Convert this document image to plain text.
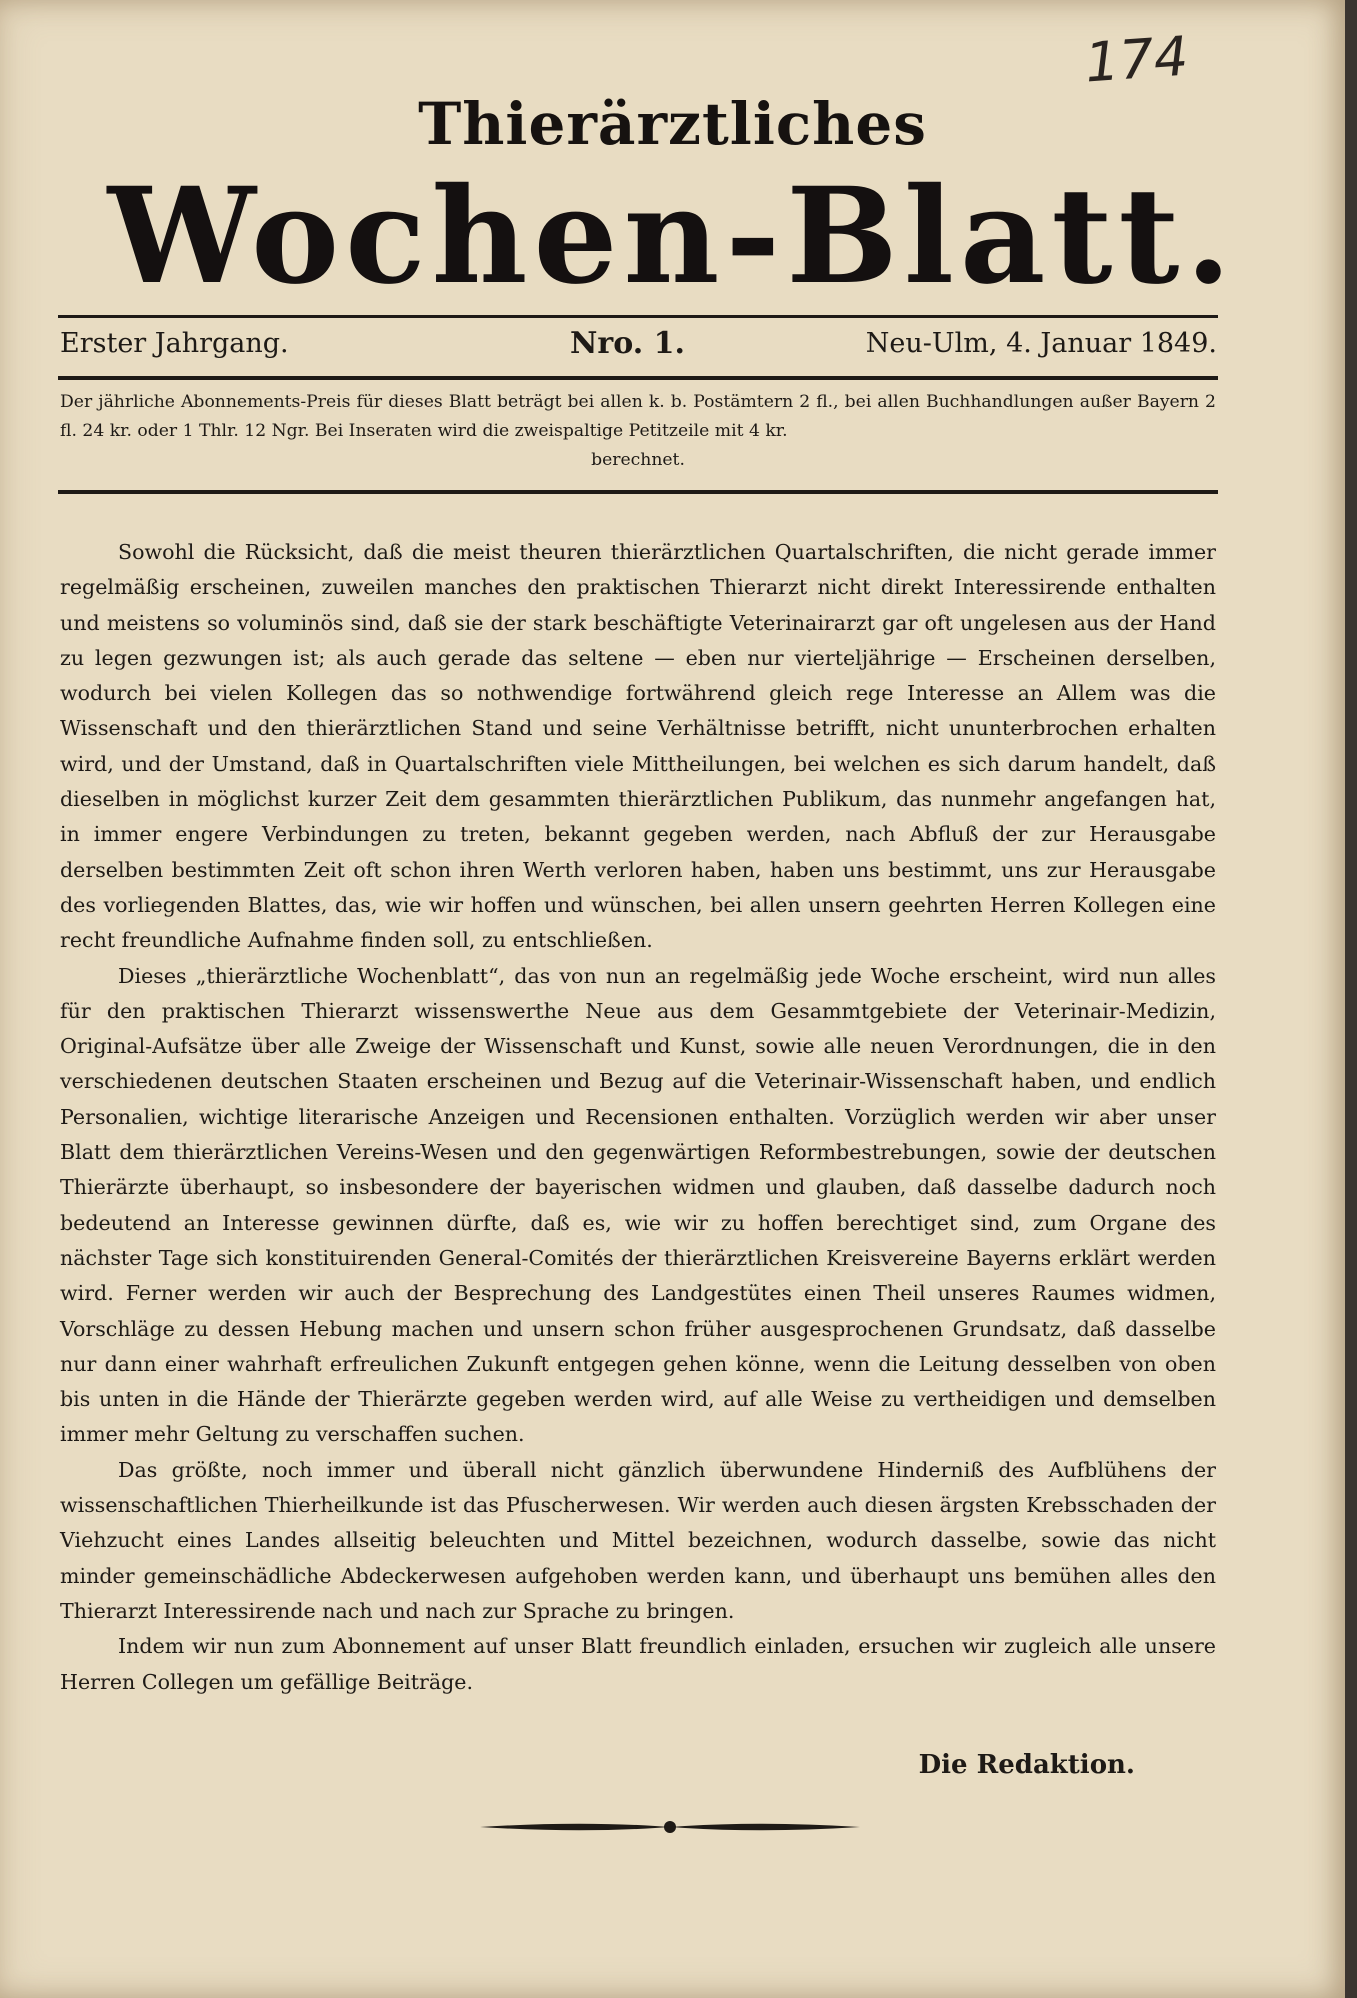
174
Thierärztliches
Wochen-Blatt.
Erster Jahrgang.	Nro. 1.	Neu-Ulm, 4. Januar 1849.
Der jährliche Abonnements-Preis für dieses Blatt beträgt bei allen k. b. Postämtern 2 fl., bei allen Buchhandlungen außer Bayern 2 fl. 24 kr. oder 1 Thlr. 12 Ngr. Bei Inseraten wird die zweispaltige Petitzeile mit 4 kr.
berechnet.

Sowohl die Rücksicht, daß die meist theuren thierärztlichen Quartalschriften, die nicht gerade immer regelmäßig erscheinen, zuweilen manches den praktischen Thierarzt nicht direkt Interessirende enthalten und meistens so voluminös sind, daß sie der stark beschäftigte Veterinairarzt gar oft ungelesen aus der Hand zu legen gezwungen ist; als auch gerade das seltene — eben nur vierteljährige — Erscheinen derselben, wodurch bei vielen Kollegen das so nothwendige fortwährend gleich rege Interesse an Allem was die Wissenschaft und den thierärztlichen Stand und seine Verhältnisse betrifft, nicht ununterbrochen erhalten wird, und der Umstand, daß in Quartalschriften viele Mittheilungen, bei welchen es sich darum handelt, daß dieselben in möglichst kurzer Zeit dem gesammten thierärztlichen Publikum, das nunmehr angefangen hat, in immer engere Verbindungen zu treten, bekannt gegeben werden, nach Abfluß der zur Herausgabe derselben bestimmten Zeit oft schon ihren Werth verloren haben, haben uns bestimmt, uns zur Herausgabe des vorliegenden Blattes, das, wie wir hoffen und wünschen, bei allen unsern geehrten Herren Kollegen eine recht freundliche Aufnahme finden soll, zu entschließen.

Dieses „thierärztliche Wochenblatt“, das von nun an regelmäßig jede Woche erscheint, wird nun alles für den praktischen Thierarzt wissenswerthe Neue aus dem Gesammtgebiete der Veterinair-Medizin, Original-Aufsätze über alle Zweige der Wissenschaft und Kunst, sowie alle neuen Verordnungen, die in den verschiedenen deutschen Staaten erscheinen und Bezug auf die Veterinair-Wissenschaft haben, und endlich Personalien, wichtige literarische Anzeigen und Recensionen enthalten. Vorzüglich werden wir aber unser Blatt dem thierärztlichen Vereins-Wesen und den gegenwärtigen Reformbestrebungen, sowie der deutschen Thierärzte überhaupt, so insbesondere der bayerischen widmen und glauben, daß dasselbe dadurch noch bedeutend an Interesse gewinnen dürfte, daß es, wie wir zu hoffen berechtiget sind, zum Organe des nächster Tage sich konstituirenden General-Comités der thierärztlichen Kreisvereine Bayerns erklärt werden wird. Ferner werden wir auch der Besprechung des Landgestütes einen Theil unseres Raumes widmen, Vorschläge zu dessen Hebung machen und unsern schon früher ausgesprochenen Grundsatz, daß dasselbe nur dann einer wahrhaft erfreulichen Zukunft entgegen gehen könne, wenn die Leitung desselben von oben bis unten in die Hände der Thierärzte gegeben werden wird, auf alle Weise zu vertheidigen und demselben immer mehr Geltung zu verschaffen suchen.

Das größte, noch immer und überall nicht gänzlich überwundene Hinderniß des Aufblühens der wissenschaftlichen Thierheilkunde ist das Pfuscherwesen. Wir werden auch diesen ärgsten Krebsschaden der Viehzucht eines Landes allseitig beleuchten und Mittel bezeichnen, wodurch dasselbe, sowie das nicht minder gemeinschädliche Abdeckerwesen aufgehoben werden kann, und überhaupt uns bemühen alles den Thierarzt Interessirende nach und nach zur Sprache zu bringen.

Indem wir nun zum Abonnement auf unser Blatt freundlich einladen, ersuchen wir zugleich alle unsere Herren Collegen um gefällige Beiträge.

Die Redaktion.
